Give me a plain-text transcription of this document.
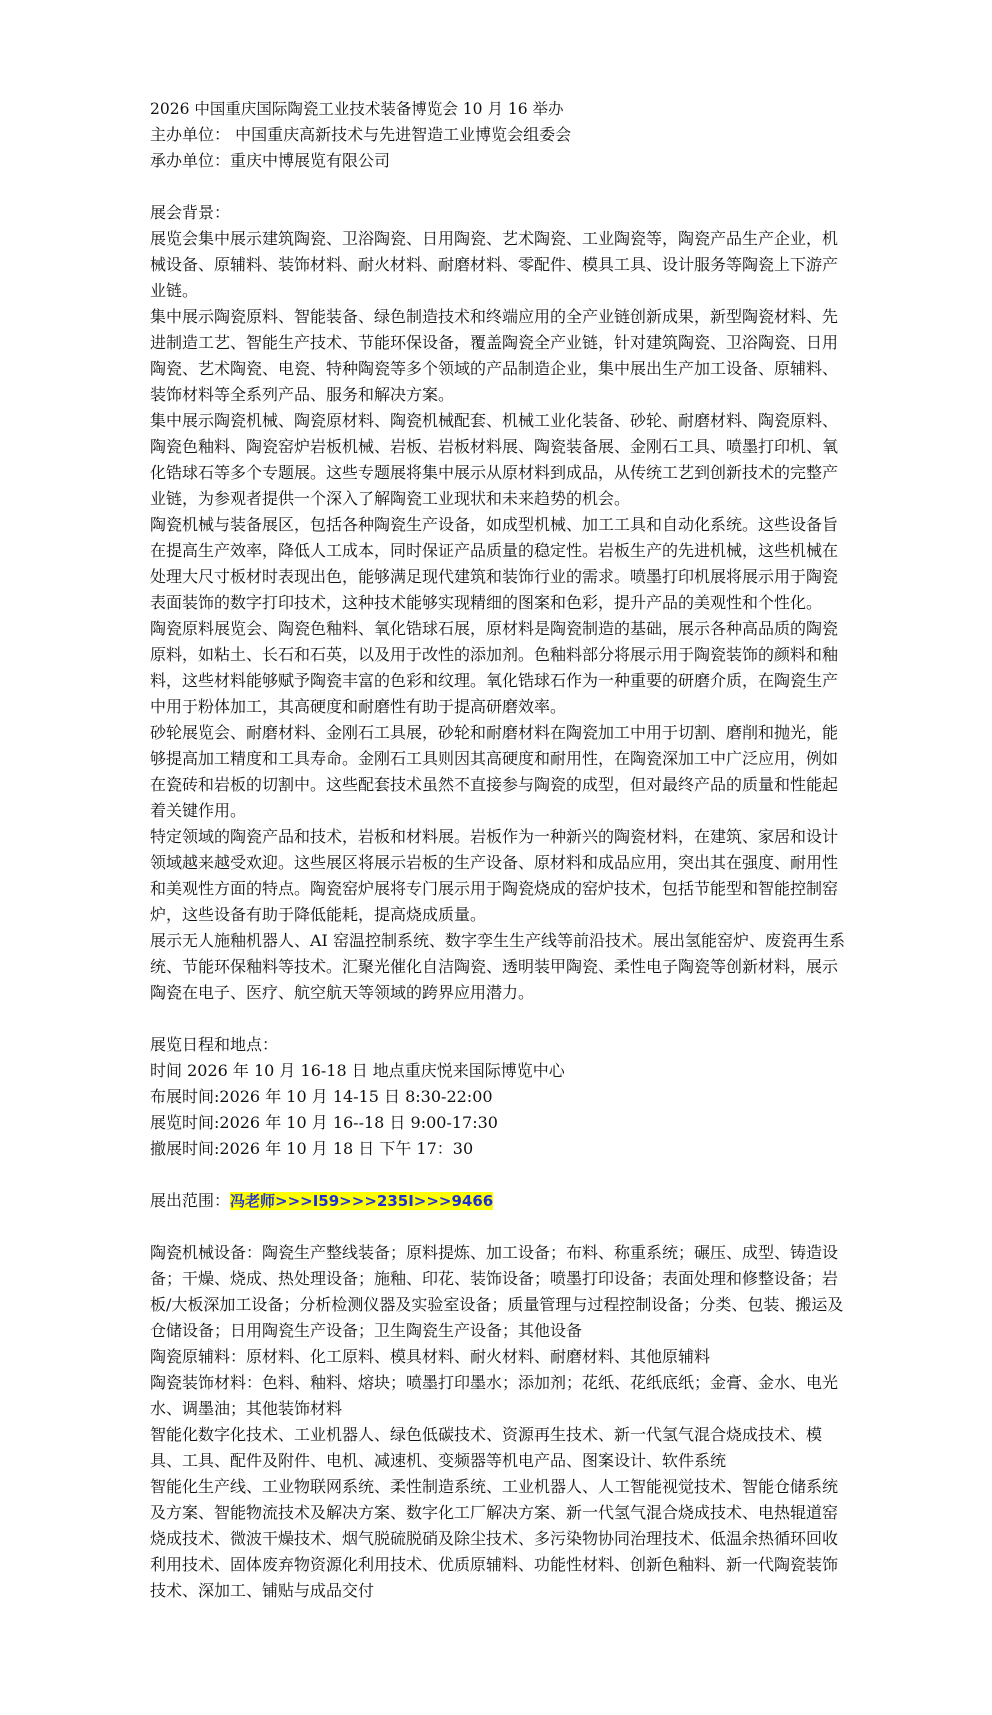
2026 中国重庆国际陶瓷工业技术装备博览会 10 月 16 举办

主办单位： 中国重庆高新技术与先进智造工业博览会组委会

承办单位：重庆中博展览有限公司

展会背景：

展览会集中展示建筑陶瓷、卫浴陶瓷、日用陶瓷、艺术陶瓷、工业陶瓷等，陶瓷产品生产企业，机械设备、原辅料、装饰材料、耐火材料、耐磨材料、零配件、模具工具、设计服务等陶瓷上下游产业链。

集中展示陶瓷原料、智能装备、绿色制造技术和终端应用的全产业链创新成果，新型陶瓷材料、先进制造工艺、智能生产技术、节能环保设备，覆盖陶瓷全产业链，针对建筑陶瓷、卫浴陶瓷、日用陶瓷、艺术陶瓷、电瓷、特种陶瓷等多个领域的产品制造企业，集中展出生产加工设备、原辅料、装饰材料等全系列产品、服务和解决方案。

集中展示陶瓷机械、陶瓷原材料、陶瓷机械配套、机械工业化装备、砂轮、耐磨材料、陶瓷原料、陶瓷色釉料、陶瓷窑炉岩板机械、岩板、岩板材料展、陶瓷装备展、金刚石工具、喷墨打印机、氧化锆球石等多个专题展。这些专题展将集中展示从原材料到成品，从传统工艺到创新技术的完整产业链，为参观者提供一个深入了解陶瓷工业现状和未来趋势的机会。

陶瓷机械与装备展区，包括各种陶瓷生产设备，如成型机械、加工工具和自动化系统。这些设备旨在提高生产效率，降低人工成本，同时保证产品质量的稳定性。岩板生产的先进机械，这些机械在处理大尺寸板材时表现出色，能够满足现代建筑和装饰行业的需求。喷墨打印机展将展示用于陶瓷表面装饰的数字打印技术，这种技术能够实现精细的图案和色彩，提升产品的美观性和个性化。

陶瓷原料展览会、陶瓷色釉料、氧化锆球石展，原材料是陶瓷制造的基础，展示各种高品质的陶瓷原料，如粘土、长石和石英，以及用于改性的添加剂。色釉料部分将展示用于陶瓷装饰的颜料和釉料，这些材料能够赋予陶瓷丰富的色彩和纹理。氧化锆球石作为一种重要的研磨介质，在陶瓷生产中用于粉体加工，其高硬度和耐磨性有助于提高研磨效率。

砂轮展览会、耐磨材料、金刚石工具展，砂轮和耐磨材料在陶瓷加工中用于切割、磨削和抛光，能够提高加工精度和工具寿命。金刚石工具则因其高硬度和耐用性，在陶瓷深加工中广泛应用，例如在瓷砖和岩板的切割中。这些配套技术虽然不直接参与陶瓷的成型，但对最终产品的质量和性能起着关键作用。

特定领域的陶瓷产品和技术，岩板和材料展。岩板作为一种新兴的陶瓷材料，在建筑、家居和设计领域越来越受欢迎。这些展区将展示岩板的生产设备、原材料和成品应用，突出其在强度、耐用性和美观性方面的特点。陶瓷窑炉展将专门展示用于陶瓷烧成的窑炉技术，包括节能型和智能控制窑炉，这些设备有助于降低能耗，提高烧成质量。

展示无人施釉机器人、AI 窑温控制系统、数字孪生生产线等前沿技术。展出氢能窑炉、废瓷再生系统、节能环保釉料等技术。汇聚光催化自洁陶瓷、透明装甲陶瓷、柔性电子陶瓷等创新材料，展示陶瓷在电子、医疗、航空航天等领域的跨界应用潜力。

展览日程和地点：

时间 2026 年 10 月 16-18 日 地点重庆悦来国际博览中心

布展时间:2026 年 10 月 14-15 日 8:30-22:00

展览时间:2026 年 10 月 16--18 日 9:00-17:30

撤展时间:2026 年 10 月 18 日 下午 17：30

展出范围：冯老师>>>I59>>>235I>>>9466

陶瓷机械设备：陶瓷生产整线装备；原料提炼、加工设备；布料、称重系统；碾压、成型、铸造设备；干燥、烧成、热处理设备；施釉、印花、装饰设备；喷墨打印设备；表面处理和修整设备；岩板/大板深加工设备；分析检测仪器及实验室设备；质量管理与过程控制设备；分类、包装、搬运及仓储设备；日用陶瓷生产设备；卫生陶瓷生产设备；其他设备

陶瓷原辅料：原材料、化工原料、模具材料、耐火材料、耐磨材料、其他原辅料

陶瓷装饰材料：色料、釉料、熔块；喷墨打印墨水；添加剂；花纸、花纸底纸；金膏、金水、电光水、调墨油；其他装饰材料

智能化数字化技术、工业机器人、绿色低碳技术、资源再生技术、新一代氢气混合烧成技术、模具、工具、配件及附件、电机、减速机、变频器等机电产品、图案设计、软件系统

智能化生产线、工业物联网系统、柔性制造系统、工业机器人、人工智能视觉技术、智能仓储系统及方案、智能物流技术及解决方案、数字化工厂解决方案、新一代氢气混合烧成技术、电热辊道窑烧成技术、微波干燥技术、烟气脱硫脱硝及除尘技术、多污染物协同治理技术、低温余热循环回收利用技术、固体废弃物资源化利用技术、优质原辅料、功能性材料、创新色釉料、新一代陶瓷装饰技术、深加工、铺贴与成品交付
